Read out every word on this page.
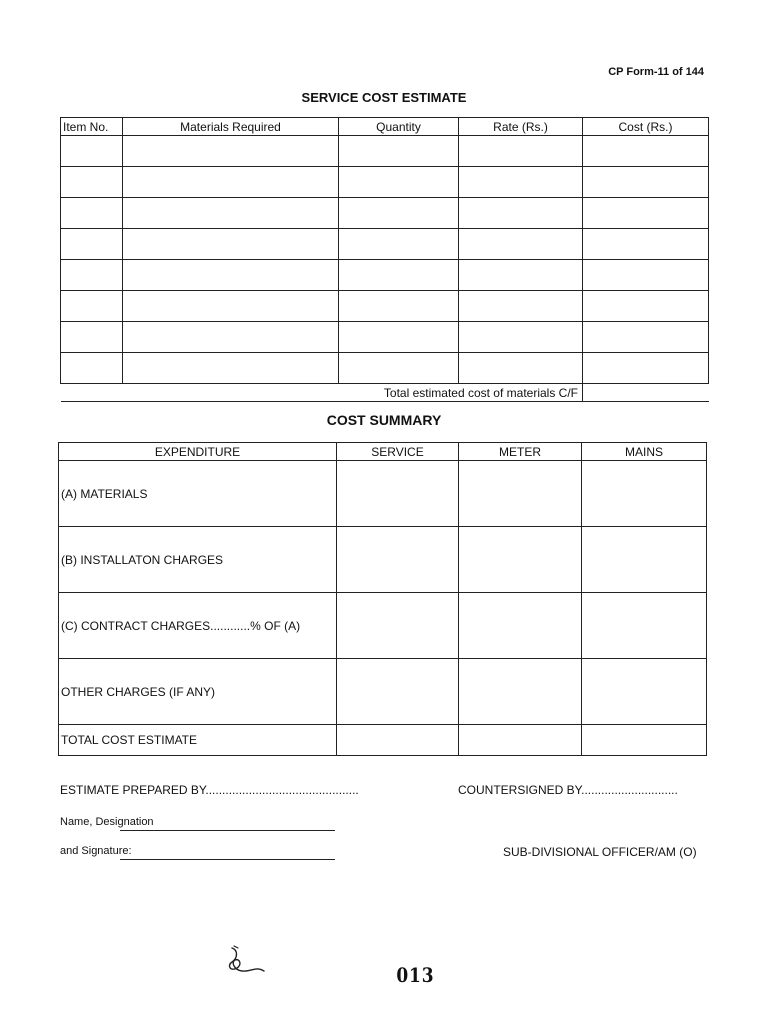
CP Form-11 of 144
SERVICE COST ESTIMATE
Item No.	Materials Required	Quantity	Rate (Rs.)	Cost (Rs.)

Total estimated cost of materials C/F				
COST SUMMARY
EXPENDITURE	SERVICE	METER	MAINS
(A) MATERIALS			
(B) INSTALLATON CHARGES			
(C) CONTRACT CHARGES............% OF (A)			
OTHER CHARGES (IF ANY)			
TOTAL COST ESTIMATE			
ESTIMATE PREPARED BY..............................................	COUNTERSIGNED BY.............................
Name, Designation
and Signature:	SUB-DIVISIONAL OFFICER/AM (O)
013
